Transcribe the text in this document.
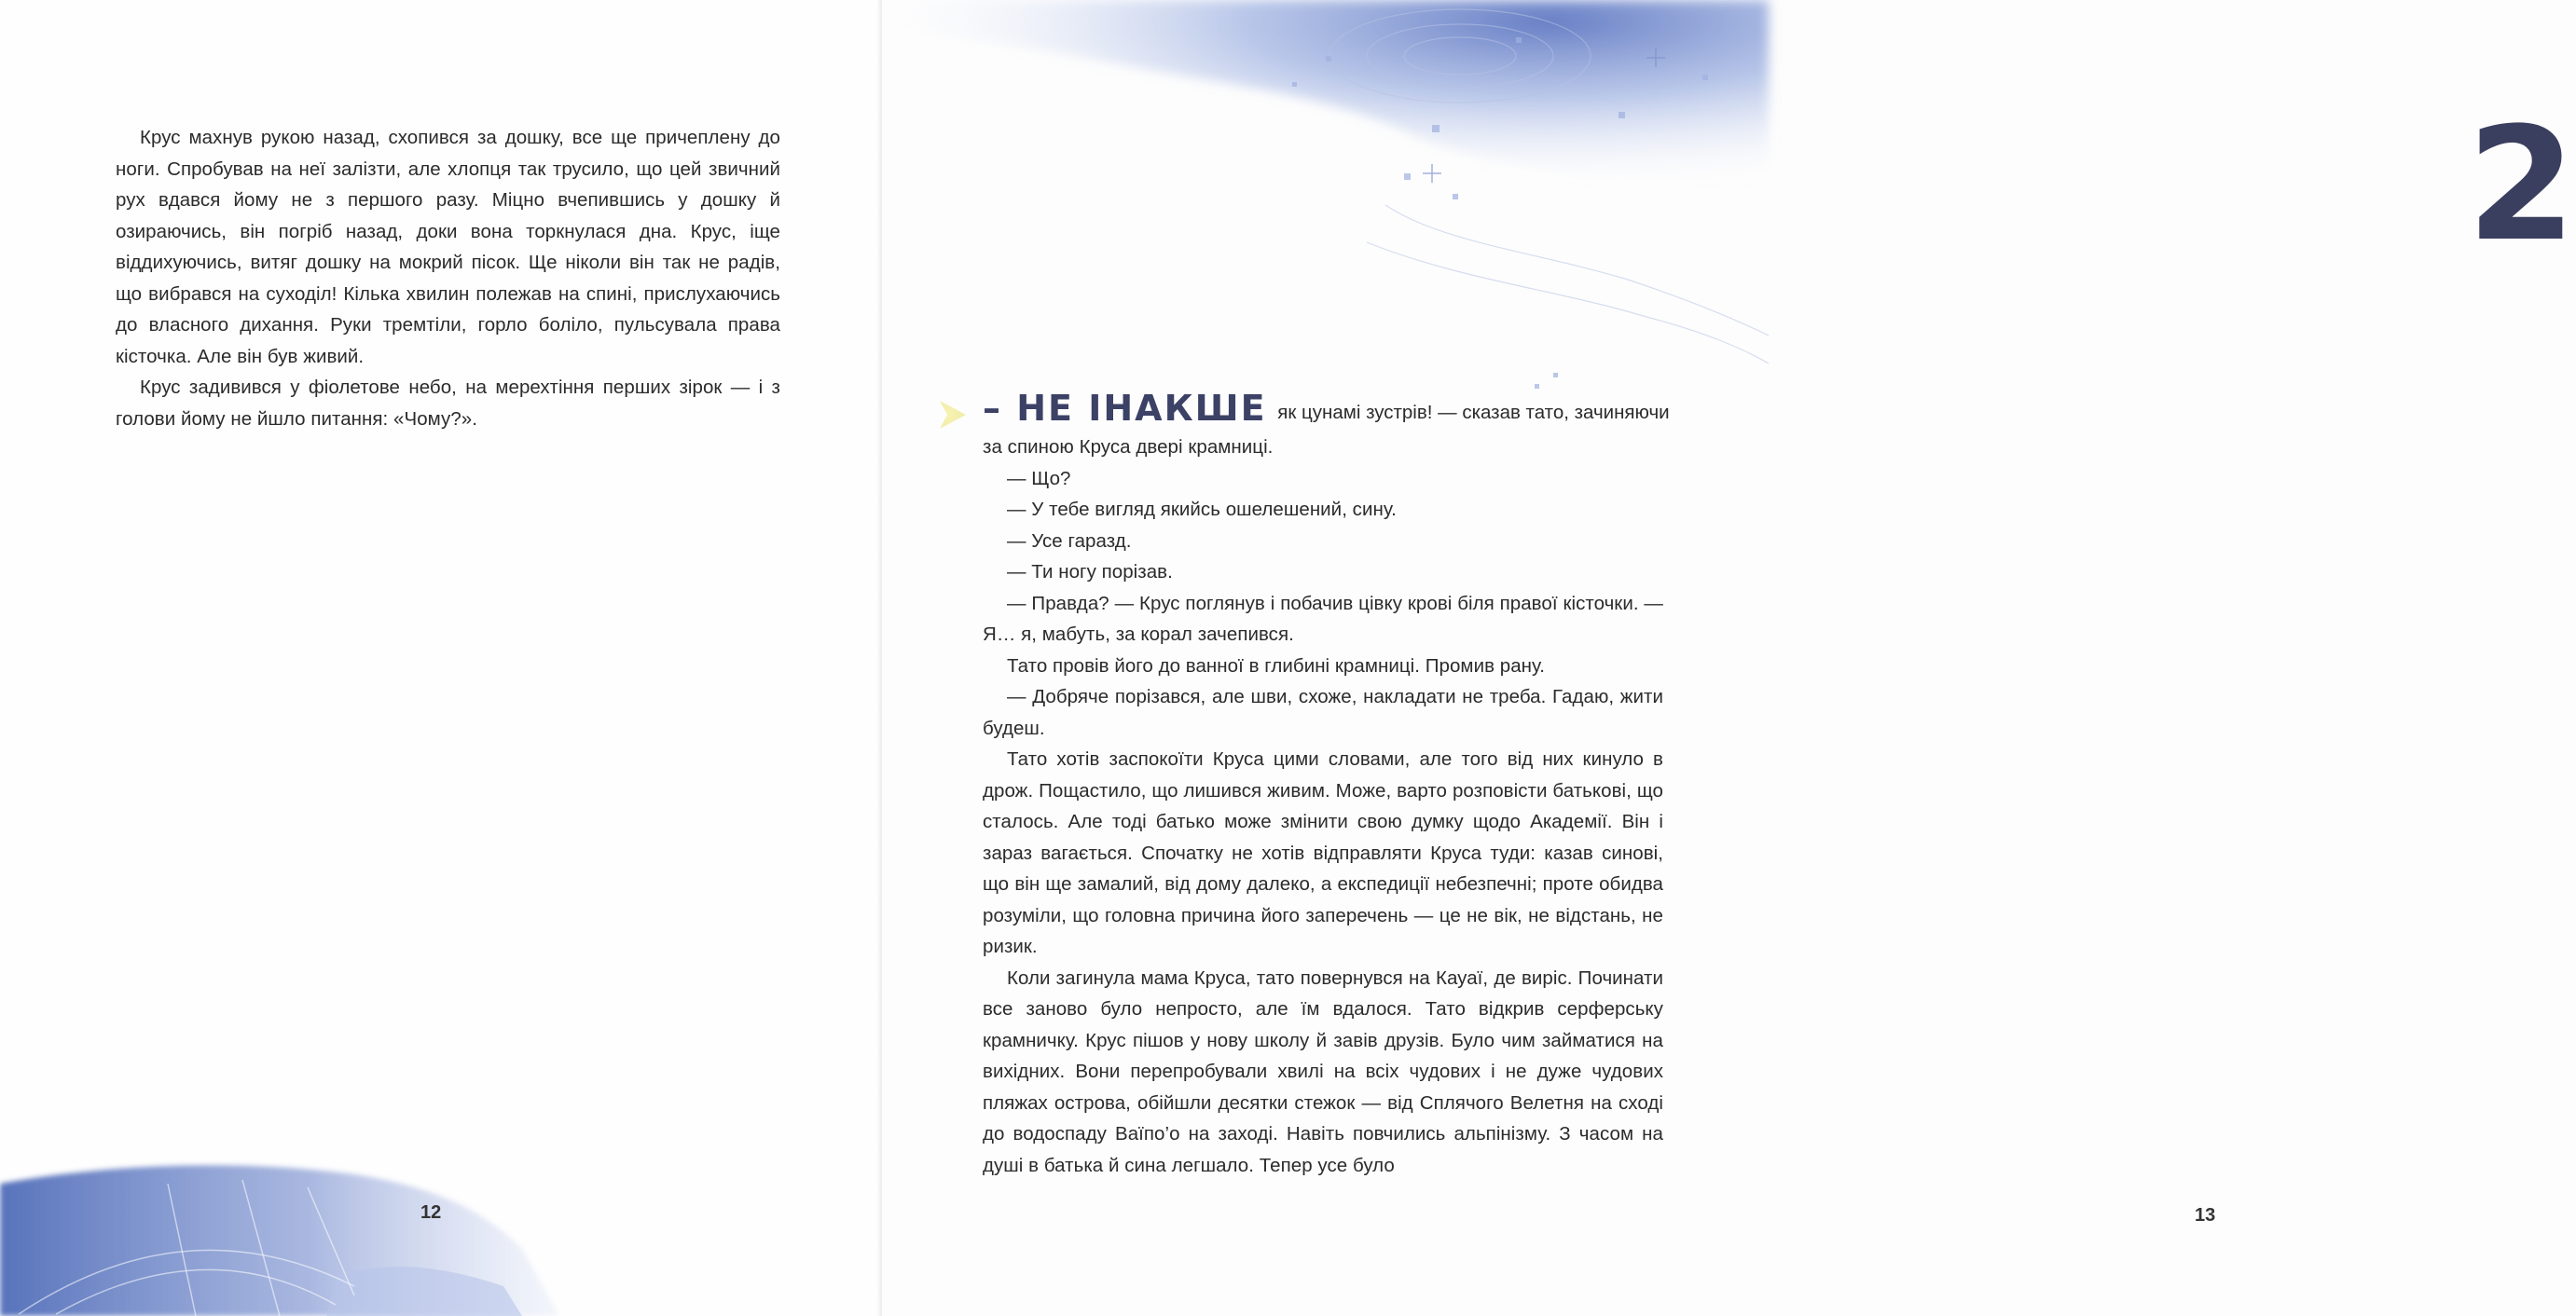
Крус махнув рукою назад, схопився за дошку, все ще причеплену до ноги. Спробував на неї залізти, але хлопця так трусило, що цей звичний рух вдався йому не з першого разу. Міцно вчепившись у дошку й озираючись, він погріб назад, доки вона торкнулася дна. Крус, іще віддихуючись, витяг дошку на мокрий пісок. Ще ніколи він так не радів, що вибрався на суходіл! Кілька хвилин полежав на спині, прислухаючись до власного дихання. Руки тремтіли, горло боліло, пульсувала права кісточка. Але він був живий.

Крус задивився у фіолетове небо, на мерехтіння перших зірок — і з голови йому не йшло питання: «Чому?».

12
2
13
– НЕ ІНАКШЕ як цунамі зустрів! — сказав тато, зачиняючи

за спиною Круса двері крамниці.

— Що?

— У тебе вигляд якийсь ошелешений, сину.

— Усе гаразд.

— Ти ногу порізав.

— Правда? — Крус поглянув і побачив цівку крові біля правої кісточки. — Я… я, мабуть, за корал зачепився.

Тато провів його до ванної в глибині крамниці. Промив рану.

— Добряче порізався, але шви, схоже, накладати не треба. Гадаю, жити будеш.

Тато хотів заспокоїти Круса цими словами, але того від них кинуло в дрож. Пощастило, що лишився живим. Може, варто розповісти батькові, що сталось. Але тоді батько може змінити свою думку щодо Академії. Він і зараз вагається. Спочатку не хотів відправляти Круса туди: казав синові, що він ще замалий, від дому далеко, а експедиції небезпечні; проте обидва розуміли, що головна причина його заперечень — це не вік, не відстань, не ризик.

Коли загинула мама Круса, тато повернувся на Кауаї, де виріс. Починати все заново було непросто, але їм вдалося. Тато відкрив серферську крамничку. Крус пішов у нову школу й завів друзів. Було чим займатися на вихідних. Вони перепробували хвилі на всіх чудових і не дуже чудових пляжах острова, обійшли десятки стежок — від Сплячого Велетня на сході до водоспаду Ваїпо’о на заході. Навіть повчились альпінізму. З часом на душі в батька й сина легшало. Тепер усе було
